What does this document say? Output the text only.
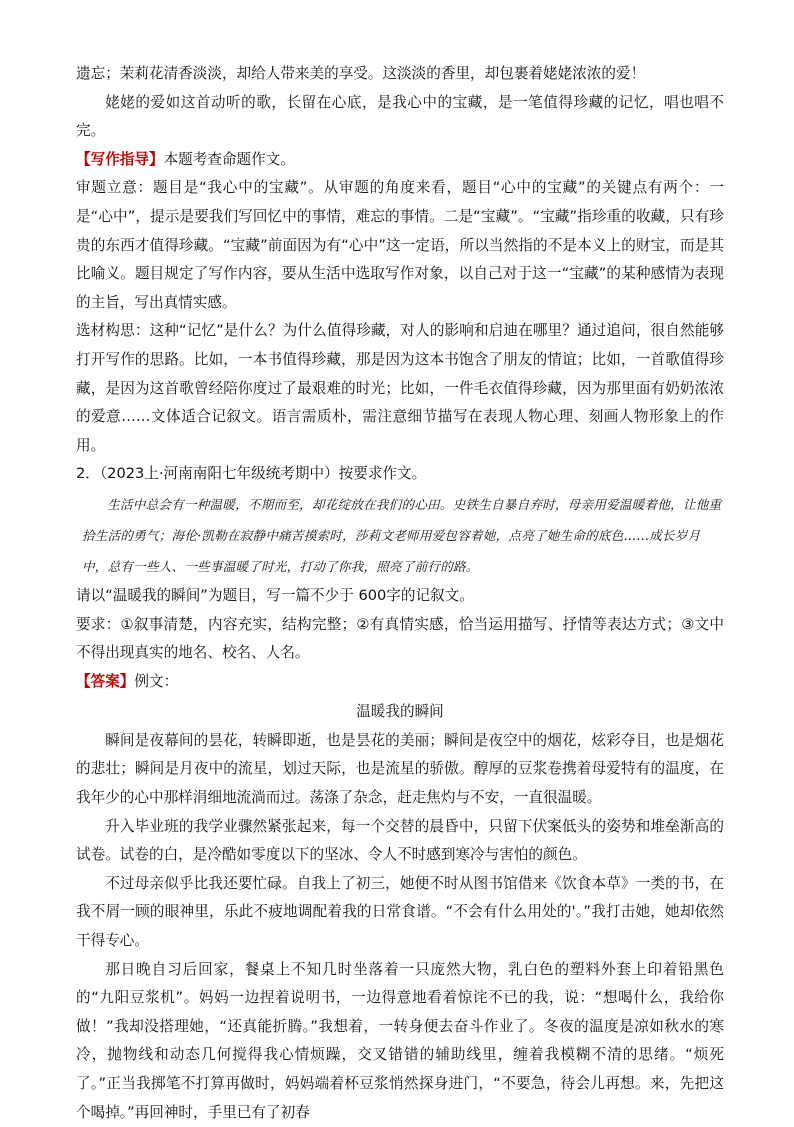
遗忘；茉莉花清香淡淡，却给人带来美的享受。这淡淡的香里，却包裹着姥姥浓浓的爱！

姥姥的爱如这首动听的歌，长留在心底，是我心中的宝藏，是一笔值得珍藏的记忆，唱也唱不完。

【写作指导】本题考查命题作文。

审题立意：题目是“我心中的宝藏”。从审题的角度来看，题目“心中的宝藏”的关键点有两个：一是“心中”，提示是要我们写回忆中的事情，难忘的事情。二是“宝藏”。“宝藏”指珍重的收藏，只有珍贵的东西才值得珍藏。“宝藏”前面因为有“心中”这一定语，所以当然指的不是本义上的财宝，而是其比喻义。题目规定了写作内容，要从生活中选取写作对象，以自己对于这一“宝藏”的某种感情为表现的主旨，写出真情实感。

选材构思：这种“记忆”是什么？为什么值得珍藏，对人的影响和启迪在哪里？通过追问，很自然能够打开写作的思路。比如，一本书值得珍藏，那是因为这本书饱含了朋友的情谊；比如，一首歌值得珍藏，是因为这首歌曾经陪你度过了最艰难的时光；比如，一件毛衣值得珍藏，因为那里面有奶奶浓浓的爱意……文体适合记叙文。语言需质朴，需注意细节描写在表现人物心理、刻画人物形象上的作用。

2．（2023上·河南南阳七年级统考期中）按要求作文。

生活中总会有一种温暖，不期而至，却花绽放在我们的心田。史铁生自暴自弃时，母亲用爱温暖着他，让他重拾生活的勇气；海伦·凯勒在寂静中痛苦摸索时，莎莉文老师用爱包容着她，点亮了她生命的底色……成长岁月中，总有一些人、一些事温暖了时光，打动了你我，照亮了前行的路。

请以“温暖我的瞬间”为题目，写一篇不少于 600字的记叙文。

要求：①叙事清楚，内容充实，结构完整；②有真情实感，恰当运用描写、抒情等表达方式；③文中不得出现真实的地名、校名、人名。

【答案】例文：

温暖我的瞬间

瞬间是夜幕间的昙花，转瞬即逝，也是昙花的美丽；瞬间是夜空中的烟花，炫彩夺目，也是烟花的悲壮；瞬间是月夜中的流星，划过天际，也是流星的骄傲。醇厚的豆浆卷携着母爱特有的温度，在我年少的心中那样涓细地流淌而过。荡涤了杂念，赶走焦灼与不安，一直很温暖。

升入毕业班的我学业骤然紧张起来，每一个交替的晨昏中，只留下伏案低头的姿势和堆垒渐高的试卷。试卷的白，是冷酷如零度以下的坚冰、令人不时感到寒冷与害怕的颜色。

不过母亲似乎比我还要忙碌。自我上了初三，她便不时从图书馆借来《饮食本草》一类的书，在我不屑一顾的眼神里，乐此不疲地调配着我的日常食谱。“不会有什么用处的'。”我打击她，她却依然干得专心。

那日晚自习后回家，餐桌上不知几时坐落着一只庞然大物，乳白色的塑料外套上印着铅黑色的“九阳豆浆机”。妈妈一边捏着说明书，一边得意地看着惊诧不已的我，说：“想喝什么，我给你做！”我却没搭理她，“还真能折腾。”我想着，一转身便去奋斗作业了。冬夜的温度是凉如秋水的寒冷，抛物线和动态几何搅得我心情烦躁，交叉错错的辅助线里，缠着我模糊不清的思绪。“烦死了。”正当我掷笔不打算再做时，妈妈端着杯豆浆悄然探身进门，“不要急，待会儿再想。来，先把这个喝掉。”再回神时，手里已有了初春
